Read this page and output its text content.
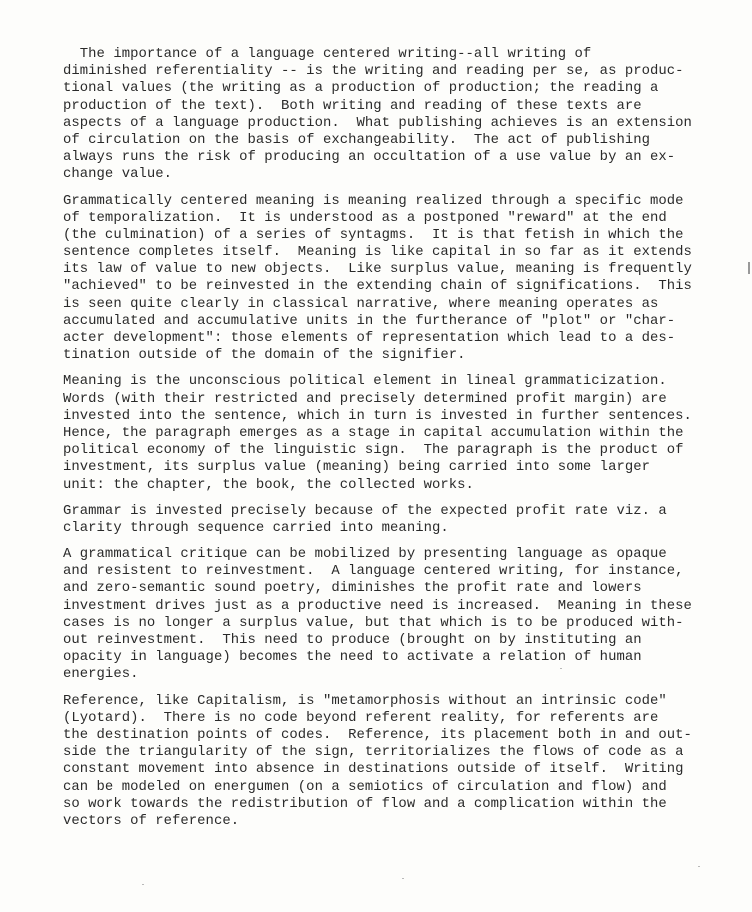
The importance of a language centered writing--all writing of
diminished referentiality -- is the writing and reading per se, as produc-
tional values (the writing as a production of production; the reading a
production of the text).  Both writing and reading of these texts are
aspects of a language production.  What publishing achieves is an extension
of circulation on the basis of exchangeability.  The act of publishing
always runs the risk of producing an occultation of a use value by an ex-
change value.
Grammatically centered meaning is meaning realized through a specific mode
of temporalization.  It is understood as a postponed "reward" at the end
(the culmination) of a series of syntagms.  It is that fetish in which the
sentence completes itself.  Meaning is like capital in so far as it extends
its law of value to new objects.  Like surplus value, meaning is frequently
"achieved" to be reinvested in the extending chain of significations.  This
is seen quite clearly in classical narrative, where meaning operates as
accumulated and accumulative units in the furtherance of "plot" or "char-
acter development": those elements of representation which lead to a des-
tination outside of the domain of the signifier.
Meaning is the unconscious political element in lineal grammaticization.
Words (with their restricted and precisely determined profit margin) are
invested into the sentence, which in turn is invested in further sentences.
Hence, the paragraph emerges as a stage in capital accumulation within the
political economy of the linguistic sign.  The paragraph is the product of
investment, its surplus value (meaning) being carried into some larger
unit: the chapter, the book, the collected works.
Grammar is invested precisely because of the expected profit rate viz. a
clarity through sequence carried into meaning.
A grammatical critique can be mobilized by presenting language as opaque
and resistent to reinvestment.  A language centered writing, for instance,
and zero-semantic sound poetry, diminishes the profit rate and lowers
investment drives just as a productive need is increased.  Meaning in these
cases is no longer a surplus value, but that which is to be produced with-
out reinvestment.  This need to produce (brought on by instituting an
opacity in language) becomes the need to activate a relation of human
energies.
Reference, like Capitalism, is "metamorphosis without an intrinsic code"
(Lyotard).  There is no code beyond referent reality, for referents are
the destination points of codes.  Reference, its placement both in and out-
side the triangularity of the sign, territorializes the flows of code as a
constant movement into absence in destinations outside of itself.  Writing
can be modeled on energumen (on a semiotics of circulation and flow) and
so work towards the redistribution of flow and a complication within the
vectors of reference.
